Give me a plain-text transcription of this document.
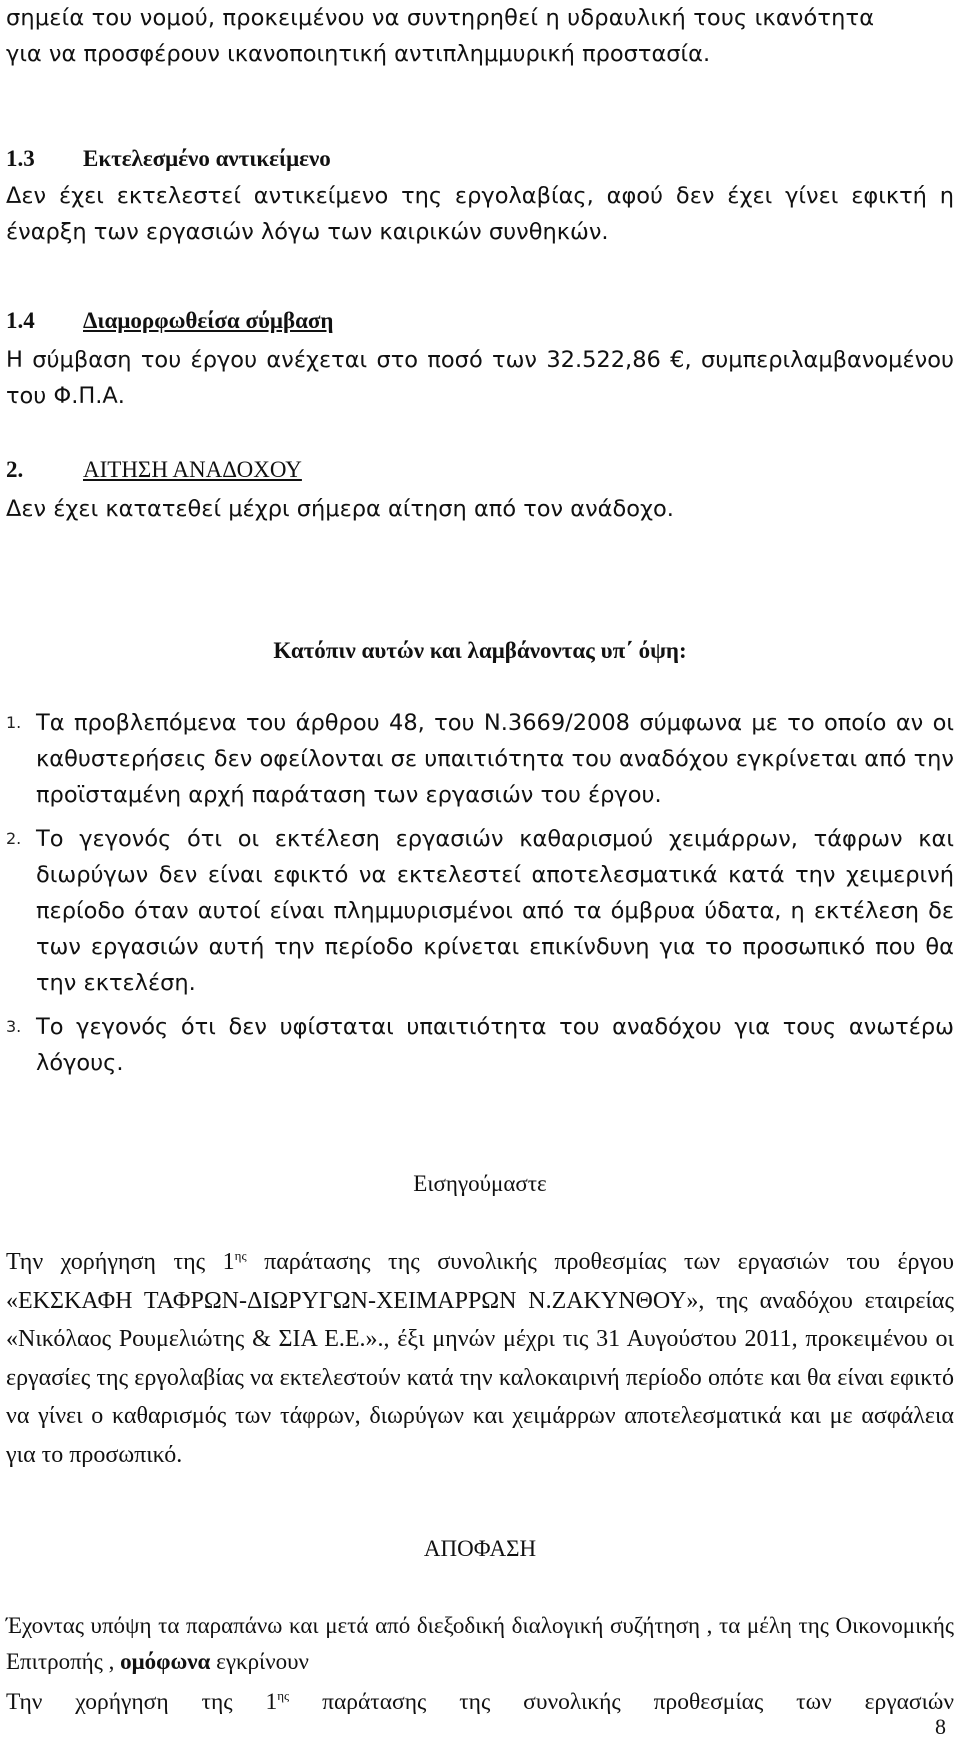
σημεία του νομού, προκειμένου να συντηρηθεί η υδραυλική τους ικανότητα

για να προσφέρουν ικανοποιητική αντιπλημμυρική προστασία.

1.3 Εκτελεσμένο αντικείμενο

Δεν έχει εκτελεστεί αντικείμενο της εργολαβίας, αφού δεν έχει γίνει εφικτή η έναρξη των εργασιών λόγω των καιρικών συνθηκών.

1.4 Διαμορφωθείσα σύμβαση

Η σύμβαση του έργου ανέχεται στο ποσό των 32.522,86 €, συμπεριλαμβανομένου του Φ.Π.Α.

2.	ΑΙΤΗΣΗ ΑΝΑΔΟΧΟΥ

Δεν έχει κατατεθεί μέχρι σήμερα αίτηση από τον ανάδοχο.

Κατόπιν αυτών και λαμβάνοντας υπ΄ όψη:
1. Τα προβλεπόμενα του άρθρου 48, του Ν.3669/2008 σύμφωνα με το οποίο αν οι καθυστερήσεις δεν οφείλονται σε υπαιτιότητα του αναδόχου εγκρίνεται από την προϊσταμένη αρχή παράταση των εργασιών του έργου.
2. Το γεγονός ότι οι εκτέλεση εργασιών καθαρισμού χειμάρρων, τάφρων και διωρύγων δεν είναι εφικτό να εκτελεστεί αποτελεσματικά κατά την χειμερινή περίοδο όταν αυτοί είναι πλημμυρισμένοι από τα όμβρυα ύδατα, η εκτέλεση δε των εργασιών αυτή την περίοδο κρίνεται επικίνδυνη για το προσωπικό που θα την εκτελέση.
3. Το γεγονός ότι δεν υφίσταται υπαιτιότητα του αναδόχου για τους ανωτέρω λόγους.
Εισηγούμαστε

Την χορήγηση της $1^{\eta\varsigma}$ παράτασης της συνολικής προθεσμίας των εργασιών του έργου «ΕΚΣΚΑΦΗ ΤΑΦΡΩΝ-ΔΙΩΡΥΓΩΝ-ΧΕΙΜΑΡΡΩΝ Ν.ΖΑΚΥΝΘΟΥ», της αναδόχου εταιρείας «Νικόλαος Ρουμελιώτης & ΣΙΑ Ε.Ε.»., έξι μηνών μέχρι τις 31 Αυγούστου 2011, προκειμένου οι εργασίες της εργολαβίας να εκτελεστούν κατά την καλοκαιρινή περίοδο οπότε και θα είναι εφικτό να γίνει ο καθαρισμός των τάφρων, διωρύγων και χειμάρρων αποτελεσματικά και με ασφάλεια για το προσωπικό.

ΑΠΟΦΑΣΗ

Έχοντας υπόψη τα παραπάνω και μετά από διεξοδική διαλογική συζήτηση , τα μέλη της Οικονομικής Επιτροπής , ομόφωνα εγκρίνουν

Την χορήγηση της $1^{\eta\varsigma}$ παράτασης της συνολικής προθεσμίας των εργασιών

8
